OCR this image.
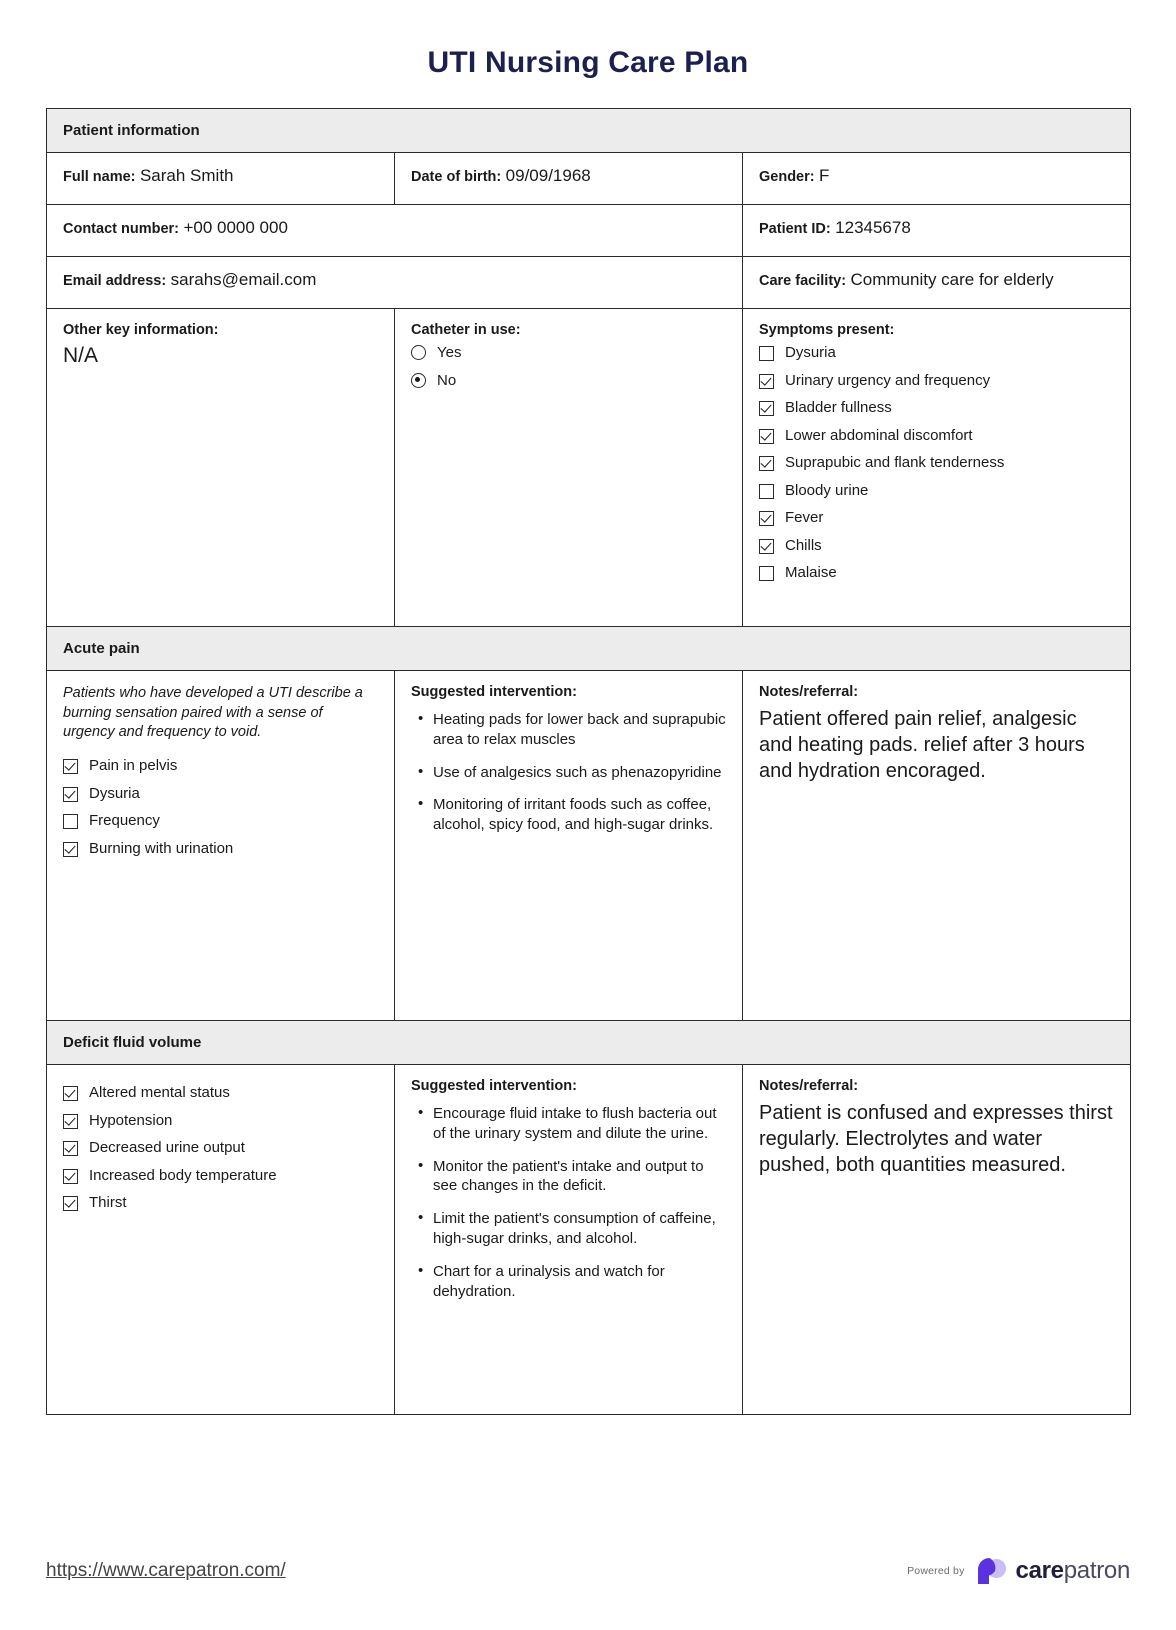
UTI Nursing Care Plan
Patient information		
Full name: Sarah Smith	Date of birth: 09/09/1968	Gender: F
Contact number: +00 0000 000		Patient ID: 12345678
Email address: sarahs@email.com		Care facility: Community care for elderly

Other key information:
N/A

Catheter in use:
Yes
No

Symptoms present:
Dysuria
Urinary urgency and frequency
Bladder fullness
Lower abdominal discomfort
Suprapubic and flank tenderness
Bloody urine
Fever
Chills
Malaise

Acute pain		

Patients who have developed a UTI describe a burning sensation paired with a sense of urgency and frequency to void.

Pain in pelvis
Dysuria
Frequency
Burning with urination

Suggested intervention:
• Heating pads for lower back and suprapubic area to relax muscles
• Use of analgesics such as phenazopyridine
• Monitoring of irritant foods such as coffee, alcohol, spicy food, and high-sugar drinks.

Notes/referral:
Patient offered pain relief, analgesic and heating pads. relief after 3 hours and hydration encoraged.

Deficit fluid volume		

Altered mental status
Hypotension
Decreased urine output
Increased body temperature
Thirst

Suggested intervention:
• Encourage fluid intake to flush bacteria out of the urinary system and dilute the urine.
• Monitor the patient's intake and output to see changes in the deficit.
• Limit the patient's consumption of caffeine, high-sugar drinks, and alcohol.
• Chart for a urinalysis and watch for dehydration.

Notes/referral:
Patient is confused and expresses thirst regularly. Electrolytes and water pushed, both quantities measured.
https://www.carepatron.com/	Powered by carepatron
